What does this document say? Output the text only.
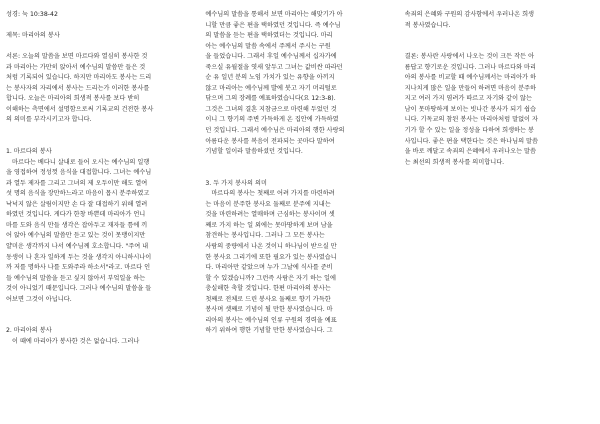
성경: 눅 10:38-42
제목: 마리아의 봉사
서론: 오늘의 말씀을 보면 마르다와 열심히 봉사한 것
과 마리아는 가만히 앉아서 예수님의 말씀만 들은 것
처럼 기록되어 있습니다. 하지만 마리아도 봉사는 드리
는 봉사자의 자리에서 봉사는 드리는가 이러한 봉사를
합니다. 오늘은 마리아의 희생적 봉사를 보다 받히
이해하는 측면에서 설명함으로써 기록교의 건전한 봉사
의 의미를 부각시키고자 합니다.
1. 마르다의 봉사
마르다는 베다니 살내로 들어 오시는 예수님의 일행
을 영접하여 정성껏 음식을 대접합니다. 그녀는 예수님
과 열두 제자를 그리고 그녀의 제 오두이만 해도 열여
섯 명의 음식을 장만하느라고 마음이 몹시 분주하였고
낙넉지 않은 살림이지만 손 다 잘 대접하기 위해 열려
하였던 것입니다. 게다가 한창 바쁜데 마리아가 언니
마를 도와 음식 만들 생각은 잡아두고 재자들 틈에 끼
어 앉아 예수님의 말씀만 듣고 있는 것이 못맹이지만
얄미운 생각까지 나서 예수님께 호소합니다. "주여 내
동생이 나 혼자 일하게 두는 것을 생각지 아니하시나이
까 저를 명하사 나를 도와주라 하소서"라고. 마르다 인
들 예수님의 말씀을 듣고 싶지 않아서 부엌일을 하는
것이 아니었기 때문입니다. 그러나 예수님의 말씀을 들
어보면 그것이 아닙니다.
2. 마리아의 봉사
이 때에 마리아가 봉사한 것은 없습니다. 그러나
예수님의 말씀을 통해서 보면 마리아는 해맞기가 아
니할 만큼 좋은 편을 택하였던 것입니다. 즉 예수님
의 말씀을 듣는 편을 택하였더는 것입니다. 마리
아는 예수님의 말씀 속에서 주께서 주시는 구원
을 들었습니다. 그래서 후일 예수님께서 십자가에
죽으실 유월절을 엿새 앞두고 그녀는 값비싼 따라던
순 유 일년 분의 노임 가치가 있는 유향을 아끼지
않고 마리아는 예수님께 발에 붓고 자기 머리털로
닦으며 그의 장례를 예표하였습니다(요 12:3-8).
그것은 그녀의 결혼 지참금으로 마련해 두었던 것
이니 그 향기의 주변 가득하게 온 집안에 가득하였
던 것입니다. 그래서 예수님은 마리아의 행한 사랑의
아름다운 봉사를 복음이 전파되는 곳마다 말하여
기념할 일이라 말씀하셨던 것입니다.
3. 두 가지 봉사의 의미
마르다의 봉사는 첫째로 어려 가지를 마련하려
는 마음이 분주한 봉사요 둘째로 분주에 지내는
것을 마련하려는 열매하며 근심하는 봉사이며 셋
째로 가지 하는 일 외에는 못마땅하게 보며 남을
참견하는 봉사입니다. 그러나 그 모든 봉사는
사람의 중량에서 나온 것이니 하나님이 받으실 만
한 봉사요 그리기에 또한 필요가 있는 봉사였습니
다. 마리아만 같았으며 누가 그날에 식사를 준비
할 수 있겠습니까? 그런즉 사람은 자기 하는 일에
충실해한 축할 것입니다. 한편 마리아의 봉사는
첫째로 전체로 드린 봉사요 둘째로 향기 가득한
봉사며 셋째로 기념이 될 만한 봉사였습니다. 마
리아의 봉사는 예수님의 인류 구원의 경력을 예표
하기 위하여 행한 기념할 만한 봉사였습니다. 그
속죄의 은혜와 구원의 감사함에서 우러나온 희생
적 봉사였습니다.
결론: 봉사란 사랑에서 나오는 것이 크든 작든 아
름답고 향기로운 것입니다. 그러나 마르다와 마리
아의 봉사를 비교할 때 예수님께서는 마리아가 하
지나치게 많은 일을 만들어 하려면 마음이 분주하
지고 여러 가지 염려가 따르고 자기와 같이 않는
남이 못마땅하게 보이는 빗나간 봉사가 되기 쉽습
니다. 기독교의 참된 봉사는 마리아처럼 말없이 자
기가 할 수 있는 일을 정성을 다하여 희생하는 봉
사입니다. 좋은 편을 택한다는 것은 하나님의 말씀
을 바로 깨달고 속죄의 은혜에서 우러나오는 말씀
는 최선의 희생적 봉사를 의미합니다.
